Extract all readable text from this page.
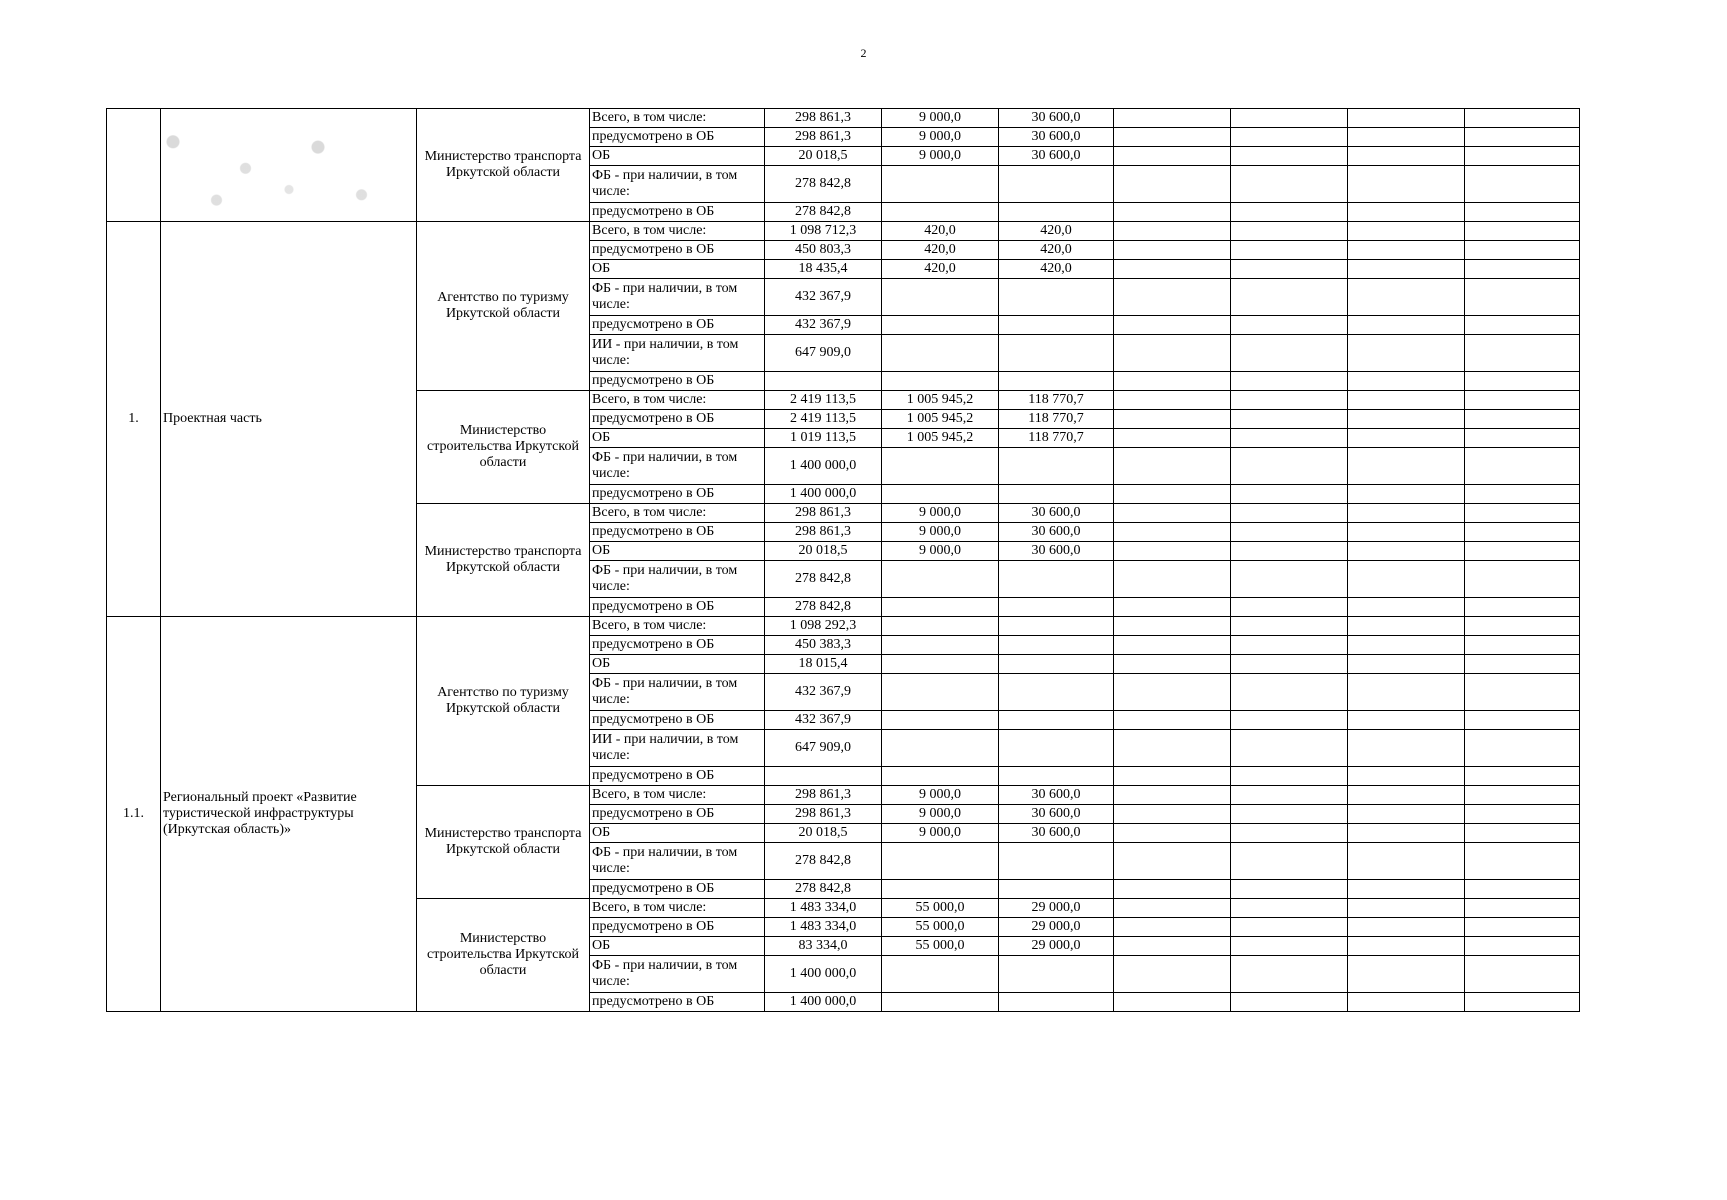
2
		Министерство транспорта Иркутской области	Всего, в том числе:	298 861,3	9 000,0	30 600,0				
			предусмотрено в ОБ	298 861,3	9 000,0	30 600,0				
			ОБ	20 018,5	9 000,0	30 600,0				
			ФБ - при наличии, в том числе:	278 842,8						
			предусмотрено в ОБ	278 842,8						
1.	Проектная часть	Агентство по туризму Иркутской области	Всего, в том числе:	1 098 712,3	420,0	420,0				
			предусмотрено в ОБ	450 803,3	420,0	420,0				
			ОБ	18 435,4	420,0	420,0				
			ФБ - при наличии, в том числе:	432 367,9						
			предусмотрено в ОБ	432 367,9						
			ИИ - при наличии, в том числе:	647 909,0						
			предусмотрено в ОБ							
		Министерство строительства Иркутской области	Всего, в том числе:	2 419 113,5	1 005 945,2	118 770,7				
			предусмотрено в ОБ	2 419 113,5	1 005 945,2	118 770,7				
			ОБ	1 019 113,5	1 005 945,2	118 770,7				
			ФБ - при наличии, в том числе:	1 400 000,0						
			предусмотрено в ОБ	1 400 000,0						
		Министерство транспорта Иркутской области	Всего, в том числе:	298 861,3	9 000,0	30 600,0				
			предусмотрено в ОБ	298 861,3	9 000,0	30 600,0				
			ОБ	20 018,5	9 000,0	30 600,0				
			ФБ - при наличии, в том числе:	278 842,8						
			предусмотрено в ОБ	278 842,8						
1.1.	Региональный проект «Развитие туристической инфраструктуры (Иркутская область)»	Агентство по туризму Иркутской области	Всего, в том числе:	1 098 292,3						
			предусмотрено в ОБ	450 383,3						
			ОБ	18 015,4						
			ФБ - при наличии, в том числе:	432 367,9						
			предусмотрено в ОБ	432 367,9						
			ИИ - при наличии, в том числе:	647 909,0						
			предусмотрено в ОБ							
		Министерство транспорта Иркутской области	Всего, в том числе:	298 861,3	9 000,0	30 600,0				
			предусмотрено в ОБ	298 861,3	9 000,0	30 600,0				
			ОБ	20 018,5	9 000,0	30 600,0				
			ФБ - при наличии, в том числе:	278 842,8						
			предусмотрено в ОБ	278 842,8						
		Министерство строительства Иркутской области	Всего, в том числе:	1 483 334,0	55 000,0	29 000,0				
			предусмотрено в ОБ	1 483 334,0	55 000,0	29 000,0				
			ОБ	83 334,0	55 000,0	29 000,0				
			ФБ - при наличии, в том числе:	1 400 000,0						
			предусмотрено в ОБ	1 400 000,0						
